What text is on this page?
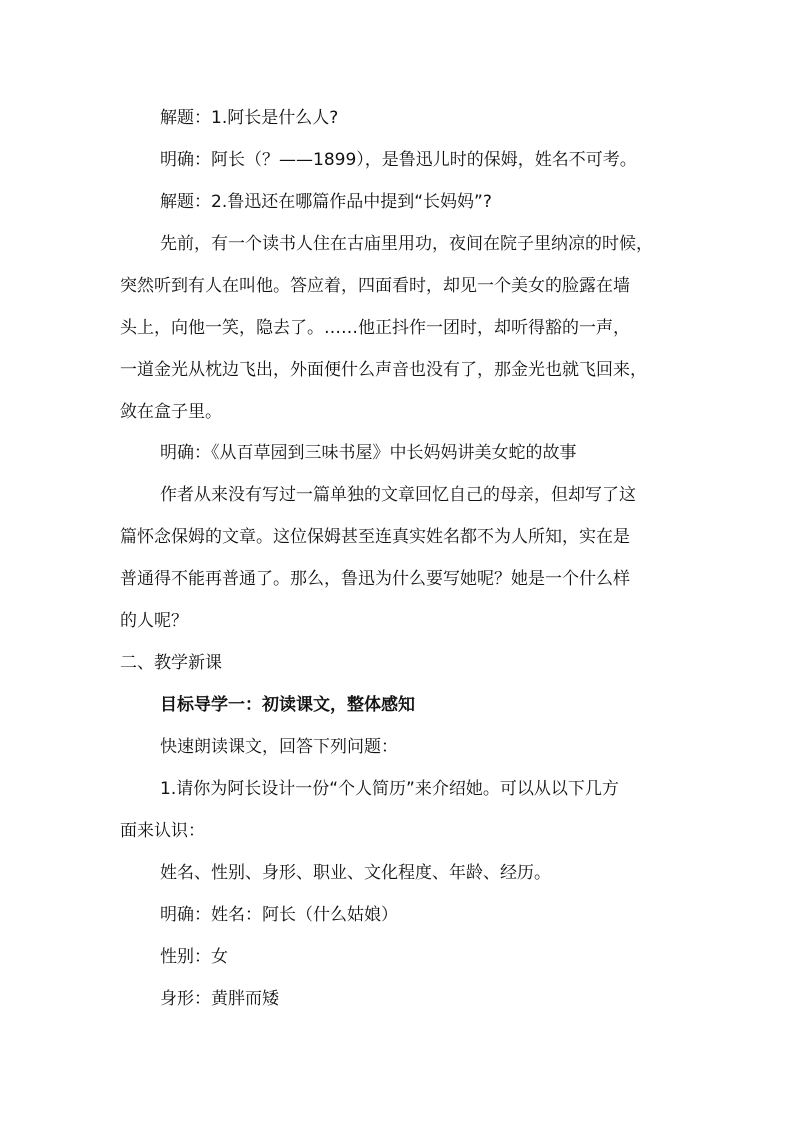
解题：1.阿长是什么人?
明确：阿长（？——1899），是鲁迅儿时的保姆，姓名不可考。
解题：2.鲁迅还在哪篇作品中提到“长妈妈”?
先前，有一个读书人住在古庙里用功，夜间在院子里纳凉的时候，
突然听到有人在叫他。答应着，四面看时，却见一个美女的脸露在墙
头上，向他一笑，隐去了。……他正抖作一团时，却听得豁的一声，
一道金光从枕边飞出，外面便什么声音也没有了，那金光也就飞回来，
敛在盒子里。
明确：《从百草园到三味书屋》中长妈妈讲美女蛇的故事
作者从来没有写过一篇单独的文章回忆自己的母亲，但却写了这
篇怀念保姆的文章。这位保姆甚至连真实姓名都不为人所知，实在是
普通得不能再普通了。那么，鲁迅为什么要写她呢？她是一个什么样
的人呢？
二、教学新课
目标导学一：初读课文，整体感知
快速朗读课文，回答下列问题：
1.请你为阿长设计一份“个人简历”来介绍她。可以从以下几方
面来认识：
姓名、性别、身形、职业、文化程度、年龄、经历。
明确：姓名：阿长（什么姑娘）
性别：女
身形：黄胖而矮
